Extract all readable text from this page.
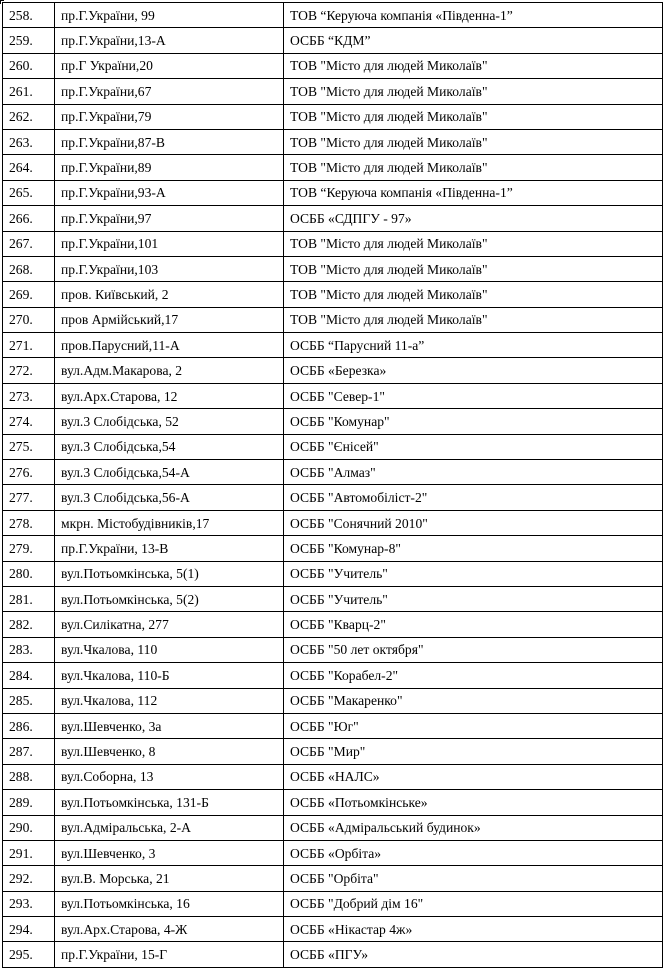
258.	пр.Г.України, 99	ТОВ “Керуюча компанія «Південна-1”
259.	пр.Г.України,13-А	ОСББ “КДМ”
260.	пр.Г України,20	ТОВ "Місто для людей Миколаїв"
261.	пр.Г.України,67	ТОВ "Місто для людей Миколаїв"
262.	пр.Г.України,79	ТОВ "Місто для людей Миколаїв"
263.	пр.Г.України,87-В	ТОВ "Місто для людей Миколаїв"
264.	пр.Г.України,89	ТОВ "Місто для людей Миколаїв"
265.	пр.Г.України,93-А	ТОВ “Керуюча компанія «Південна-1”
266.	пр.Г.України,97	ОСББ «СДПГУ - 97»
267.	пр.Г.України,101	ТОВ "Місто для людей Миколаїв"
268.	пр.Г.України,103	ТОВ "Місто для людей Миколаїв"
269.	пров. Київський, 2	ТОВ "Місто для людей Миколаїв"
270.	пров Армійський,17	ТОВ "Місто для людей Миколаїв"
271.	пров.Парусний,11-А	ОСББ “Парусний 11-а”
272.	вул.Адм.Макарова, 2	ОСББ «Березка»
273.	вул.Арх.Старова, 12	ОСББ "Север-1"
274.	вул.3 Слобідська, 52	ОСББ "Комунар"
275.	вул.3 Слобідська,54	ОСББ "Єнісей"
276.	вул.3 Слобідська,54-А	ОСББ "Алмаз"
277.	вул.3 Слобідська,56-А	ОСББ "Автомобіліст-2"
278.	мкрн. Містобудівників,17	ОСББ "Сонячний 2010"
279.	пр.Г.України, 13-В	ОСББ "Комунар-8"
280.	вул.Потьомкінська, 5(1)	ОСББ "Учитель"
281.	вул.Потьомкінська, 5(2)	ОСББ "Учитель"
282.	вул.Силікатна, 277	ОСББ "Кварц-2"
283.	вул.Чкалова, 110	ОСББ "50 лет октября"
284.	вул.Чкалова, 110-Б	ОСББ "Корабел-2"
285.	вул.Чкалова, 112	ОСББ "Макаренко"
286.	вул.Шевченко, 3а	ОСББ "Юг"
287.	вул.Шевченко, 8	ОСББ "Мир"
288.	вул.Соборна, 13	ОСББ «НАЛС»
289.	вул.Потьомкінська, 131-Б	ОСББ «Потьомкінське»
290.	вул.Адміральська, 2-А	ОСББ «Адміральський будинок»
291.	вул.Шевченко, 3	ОСББ «Орбіта»
292.	вул.В. Морська, 21	ОСББ "Орбіта"
293.	вул.Потьомкінська, 16	ОСББ "Добрий дім 16"
294.	вул.Арх.Старова, 4-Ж	ОСББ «Нікастар 4ж»
295.	пр.Г.України, 15-Г	ОСББ «ПГУ»
